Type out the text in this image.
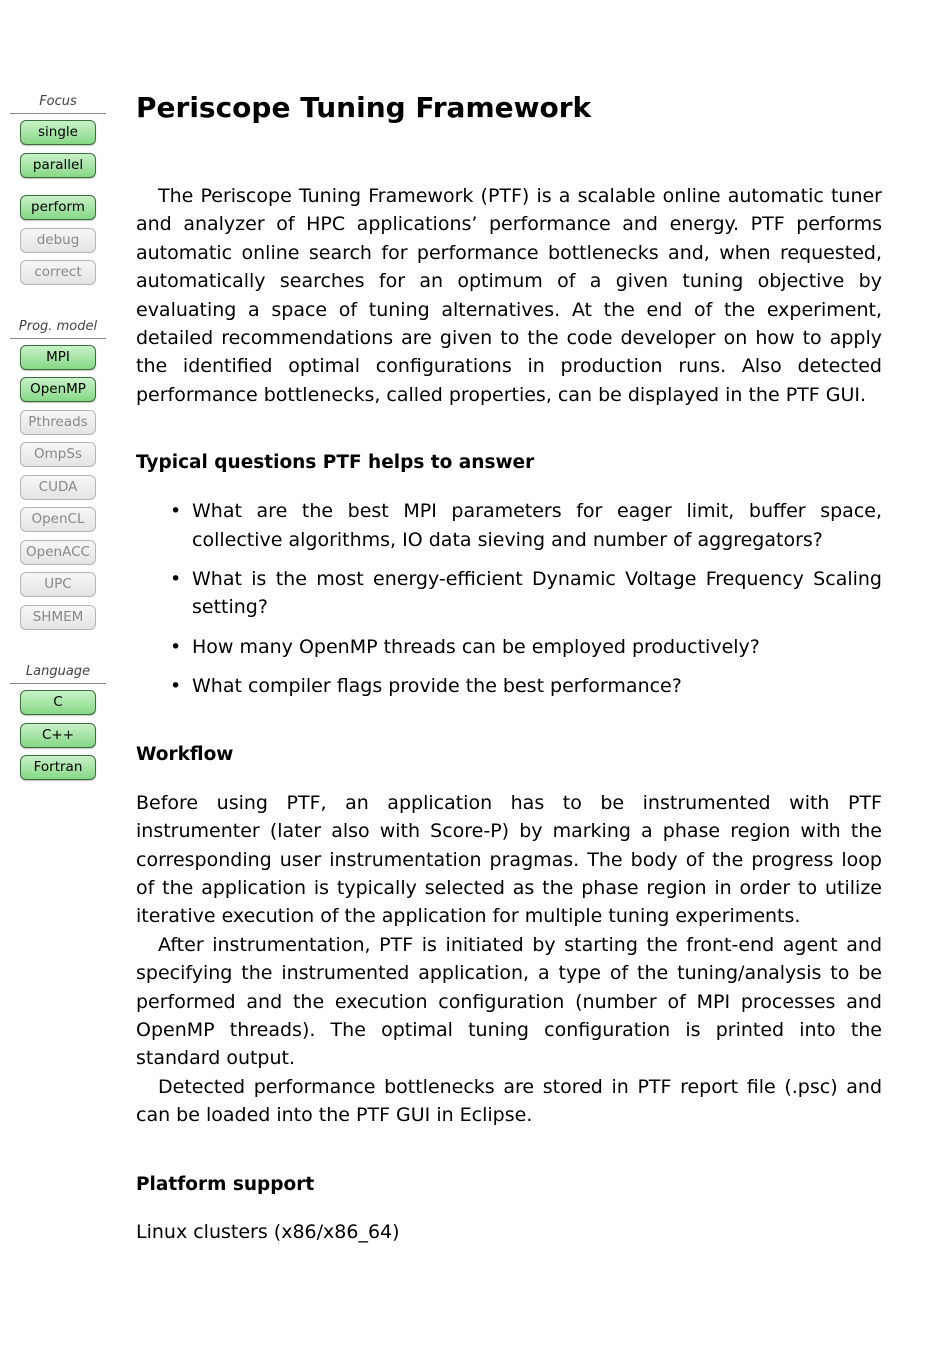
Focus
single
parallel
perform
debug
correct
Prog. model
MPI
OpenMP
Pthreads
OmpSs
CUDA
OpenCL
OpenACC
UPC
SHMEM
Language
C
C++
Fortran
Periscope Tuning Framework

The Periscope Tuning Framework (PTF) is a scalable online automatic tuner and analyzer of HPC applications’ performance and energy. PTF performs automatic online search for performance bottlenecks and, when requested, automatically searches for an optimum of a given tuning objective by evaluating a space of tuning alternatives. At the end of the experiment, detailed recommendations are given to the code developer on how to apply the identified optimal configurations in production runs. Also detected performance bottlenecks, called properties, can be displayed in the PTF GUI.

Typical questions PTF helps to answer
• What are the best MPI parameters for eager limit, buffer space, collective algorithms, IO data sieving and number of aggregators?
• What is the most energy-efficient Dynamic Voltage Frequency Scaling setting?
• How many OpenMP threads can be employed productively?
• What compiler flags provide the best performance?
Workflow

Before using PTF, an application has to be instrumented with PTF instrumenter (later also with Score-P) by marking a phase region with the corresponding user instrumentation pragmas. The body of the progress loop of the application is typically selected as the phase region in order to utilize iterative execution of the application for multiple tuning experiments.

After instrumentation, PTF is initiated by starting the front-end agent and specifying the instrumented application, a type of the tuning/analysis to be performed and the execution configuration (number of MPI processes and OpenMP threads). The optimal tuning configuration is printed into the standard output.

Detected performance bottlenecks are stored in PTF report file (.psc) and can be loaded into the PTF GUI in Eclipse.

Platform support

Linux clusters (x86/x86_64)
